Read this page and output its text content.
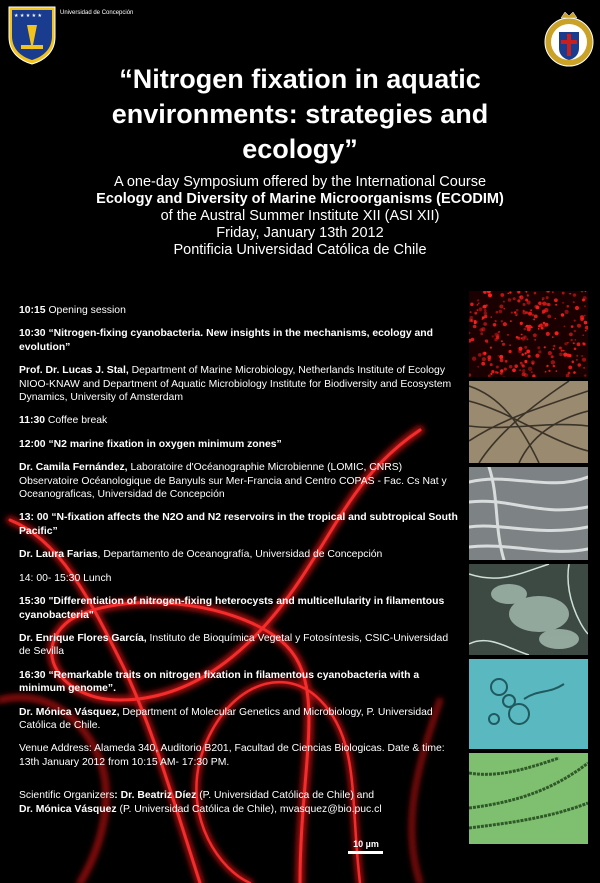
★ ★ ★ ★ ★	Universidad de Concepción
“Nitrogen fixation in aquatic
environments: strategies and
ecology”
A one-day Symposium offered by the International Course
Ecology and Diversity of Marine Microorganisms (ECODIM)
of the Austral Summer Institute XII (ASI XII)
Friday, January 13th 2012
Pontificia Universidad Católica de Chile

10:15 Opening session

10:30 “Nitrogen-fixing cyanobacteria. New insights in the mechanisms, ecology and evolution”

Prof. Dr. Lucas J. Stal, Department of Marine Microbiology, Netherlands Institute of Ecology NIOO-KNAW and Department of Aquatic Microbiology Institute for Biodiversity and Ecosystem Dynamics, University of Amsterdam

11:30 Coffee break

12:00 “N2 marine fixation in oxygen minimum zones”

Dr. Camila Fernández, Laboratoire d'Océanographie Microbienne (LOMIC, CNRS) Observatoire Océanologique de Banyuls sur Mer-Francia and Centro COPAS - Fac. Cs Nat y Oceanograficas, Universidad de Concepción

13: 00 “N-fixation affects the N2O and N2 reservoirs in the tropical and subtropical South Pacific”

Dr. Laura Farias, Departamento de Oceanografía, Universidad de Concepción

14: 00- 15:30 Lunch

15:30 "Differentiation of nitrogen-fixing heterocysts and multicellularity in filamentous cyanobacteria"

Dr. Enrique Flores García, Instituto de Bioquímica Vegetal y Fotosíntesis, CSIC-Universidad de Sevilla

16:30 “Remarkable traits on nitrogen fixation in filamentous cyanobacteria with a minimum genome”.

Dr. Mónica Vásquez, Department of Molecular Genetics and Microbiology, P. Universidad Católica de Chile.

Venue Address: Alameda 340, Auditorio B201, Facultad de Ciencias Biologicas. Date & time: 13th January 2012 from 10:15 AM- 17:30 PM.

Scientific Organizers: Dr. Beatriz Díez (P. Universidad Católica de Chile) and
Dr. Mónica Vásquez (P. Universidad Católica de Chile), mvasquez@bio.puc.cl

10 µm
